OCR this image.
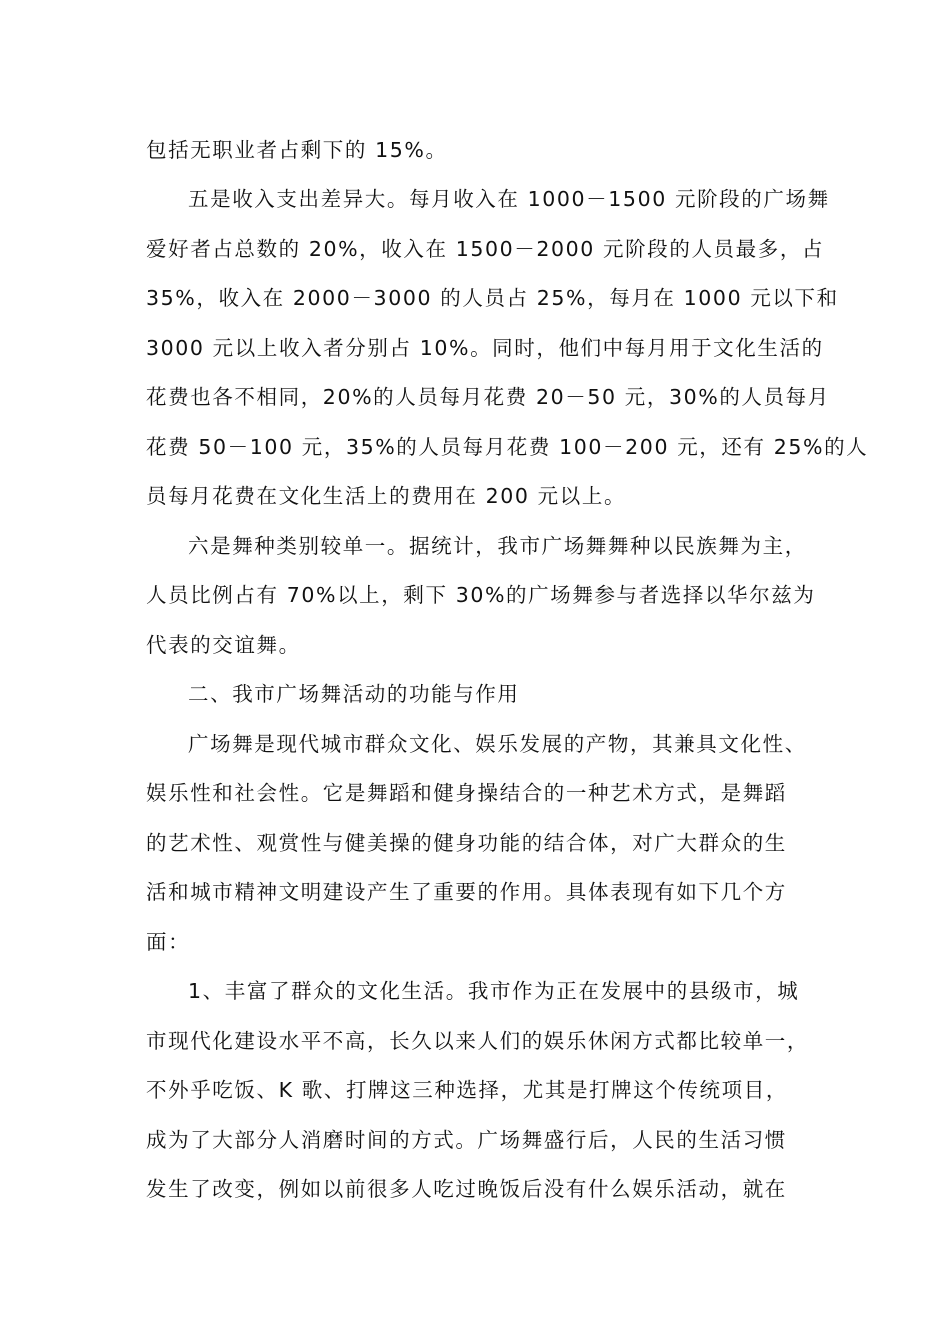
包括无职业者占剩下的 15%。
五是收入支出差异大。每月收入在 1000－1500 元阶段的广场舞
爱好者占总数的 20%，收入在 1500－2000 元阶段的人员最多，占
35%，收入在 2000－3000 的人员占 25%，每月在 1000 元以下和
3000 元以上收入者分别占 10%。同时，他们中每月用于文化生活的
花费也各不相同，20%的人员每月花费 20－50 元，30%的人员每月
花费 50－100 元，35%的人员每月花费 100－200 元，还有 25%的人
员每月花费在文化生活上的费用在 200 元以上。
六是舞种类别较单一。据统计，我市广场舞舞种以民族舞为主，
人员比例占有 70%以上，剩下 30%的广场舞参与者选择以华尔兹为
代表的交谊舞。
二、我市广场舞活动的功能与作用
广场舞是现代城市群众文化、娱乐发展的产物，其兼具文化性、
娱乐性和社会性。它是舞蹈和健身操结合的一种艺术方式，是舞蹈
的艺术性、观赏性与健美操的健身功能的结合体，对广大群众的生
活和城市精神文明建设产生了重要的作用。具体表现有如下几个方
面：
1、丰富了群众的文化生活。我市作为正在发展中的县级市，城
市现代化建设水平不高，长久以来人们的娱乐休闲方式都比较单一，
不外乎吃饭、K 歌、打牌这三种选择，尤其是打牌这个传统项目，
成为了大部分人消磨时间的方式。广场舞盛行后，人民的生活习惯
发生了改变，例如以前很多人吃过晚饭后没有什么娱乐活动，就在
